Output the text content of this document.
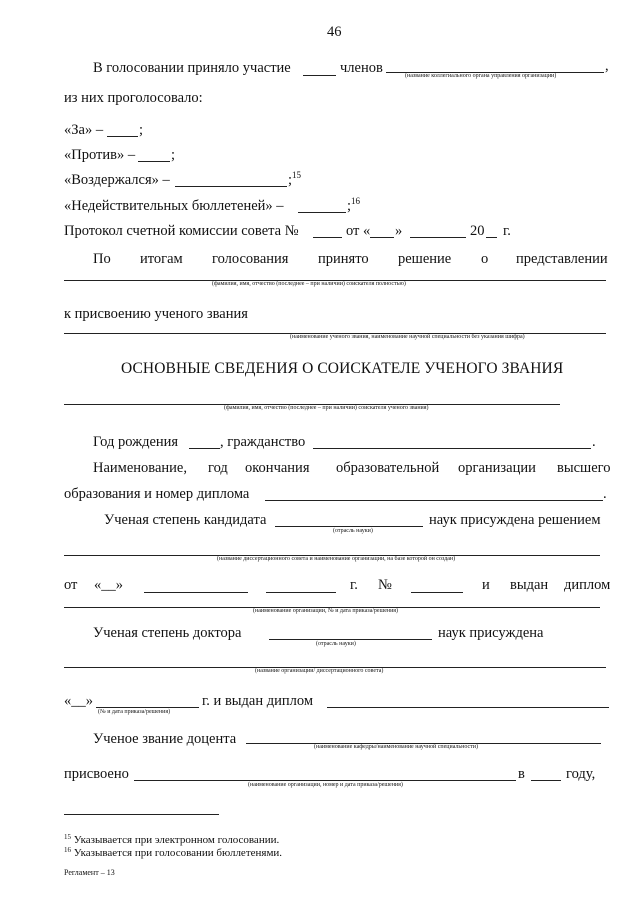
46
В голосовании приняло участие	членов	,
(название коллегиального органа управления организации)
из них проголосовало:
«За» – ;
«Против» – ;
«Воздержался» –	;$^{15}$
«Недействительных бюллетеней» –	;$^{16}$
Протокол счетной комиссии совета №	от « »	20 г.
По итогам голосования принято решение о представлении
(фамилия, имя, отчество (последнее – при наличии) соискателя полностью)
к присвоению ученого звания
(наименование ученого звания, наименование научной специальности без указания шифра)
ОСНОВНЫЕ СВЕДЕНИЯ О СОИСКАТЕЛЕ УЧЕНОГО ЗВАНИЯ
(фамилия, имя, отчество (последнее – при наличии) соискателя ученого звания)
Год рождения	, гражданство	.
Наименование, год окончания образовательной организации высшего
образования и номер диплома	.
Ученая степень кандидата
(отрасль науки)
наук присуждена решением
(название диссертационного совета и наименование организации, на базе которой он создан)
от «__»	г. №	и выдан диплом
(наименование организации, № и дата приказа/решения)
Ученая степень доктора
(отрасль науки)
наук присуждена
(название организации/ диссертационного совета)
«__»
(№ и дата приказа/решения)
г. и выдан диплом
Ученое звание доцента	(наименование кафедры/наименование научной специальности)
присвоено
(наименование организации, номер и дата приказа/решения)
в	году,
$^{15}$ Указывается при электронном голосовании.
$^{16}$ Указывается при голосовании бюллетенями.
Регламент – 13
